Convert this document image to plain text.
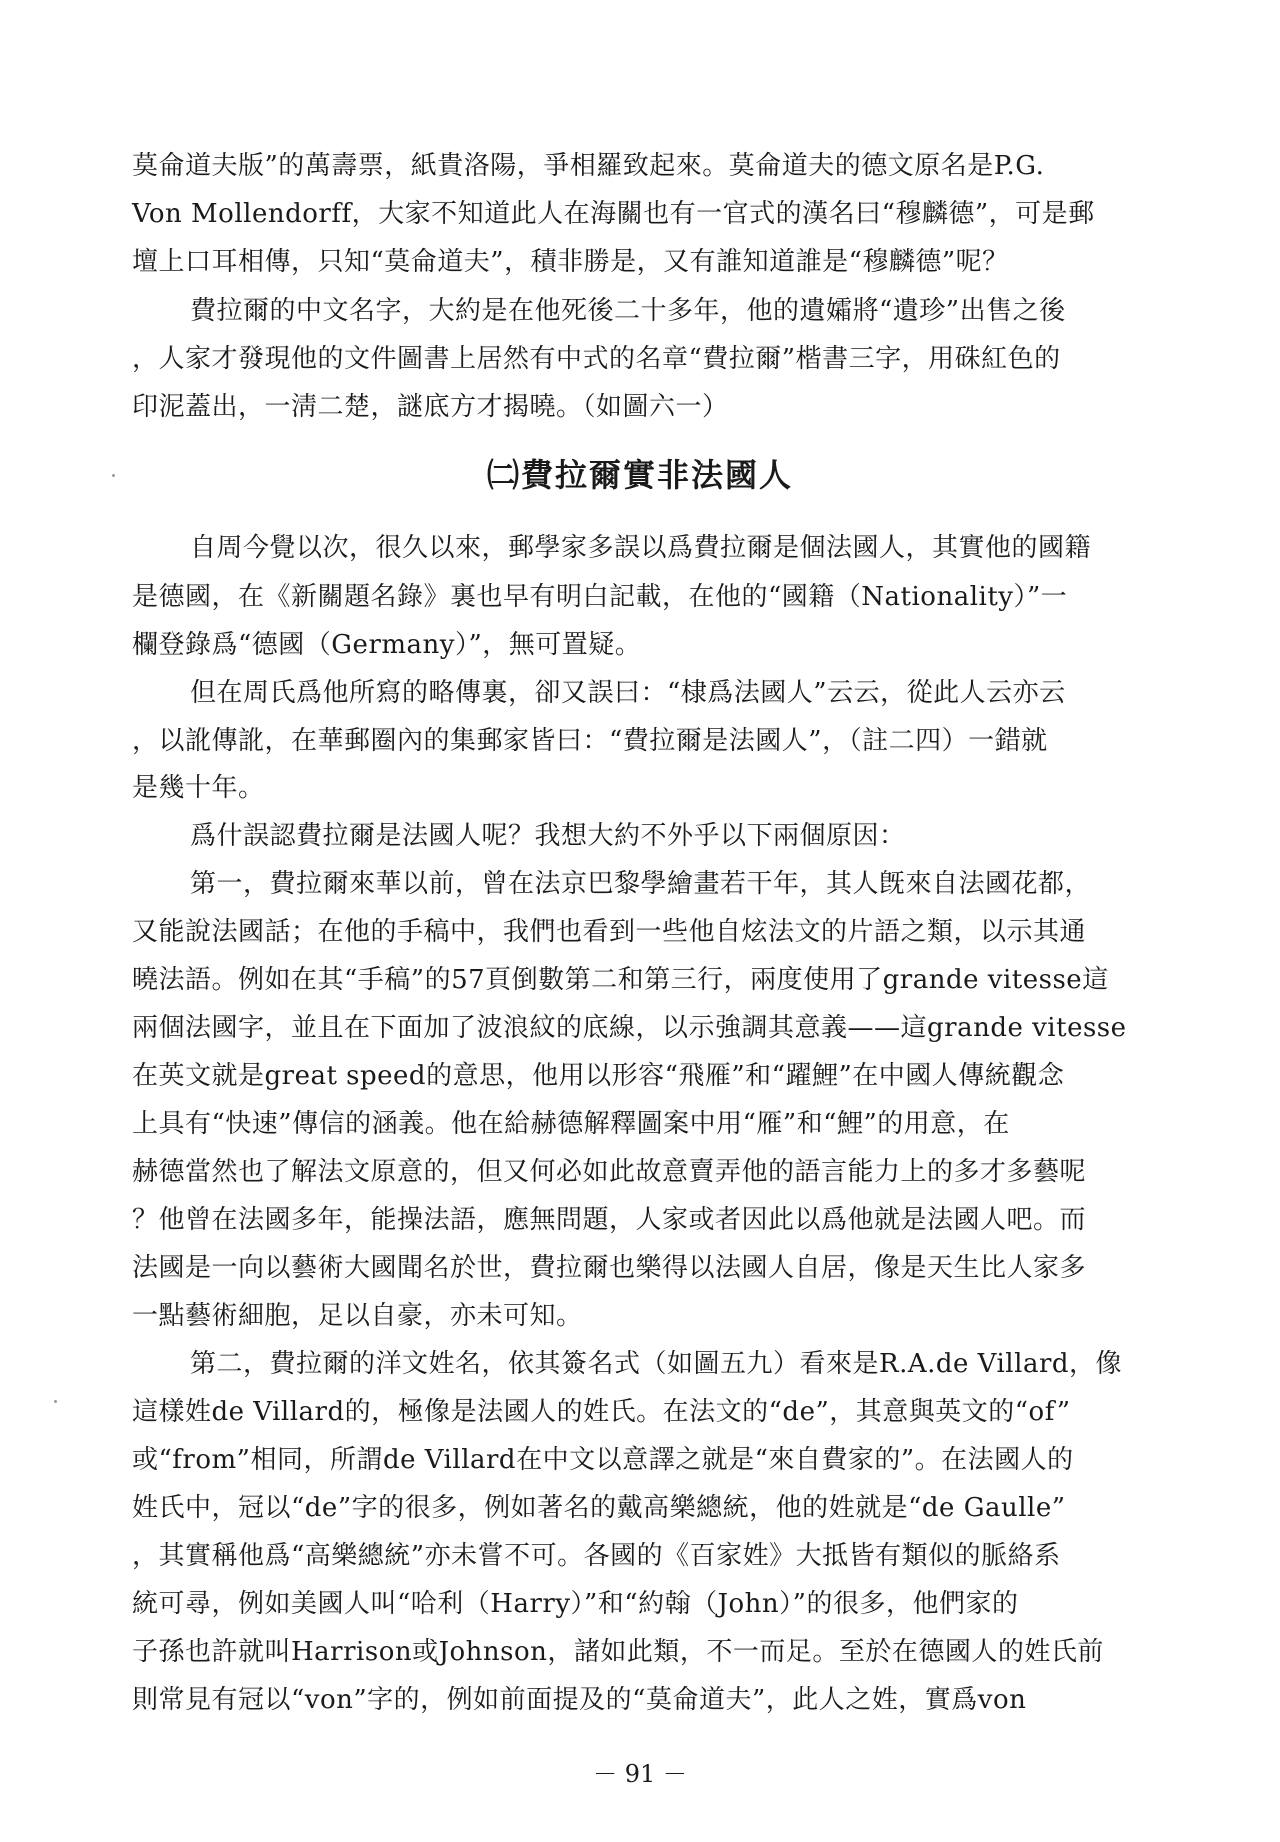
莫侖道夫版”的萬壽票，紙貴洛陽，爭相羅致起來。莫侖道夫的德文原名是P.G.
Von Mollendorff，大家不知道此人在海關也有一官式的漢名曰“穆麟德”，可是郵
壇上口耳相傳，只知“莫侖道夫”，積非勝是，又有誰知道誰是“穆麟德”呢？
費拉爾的中文名字，大約是在他死後二十多年，他的遺孀將“遺珍”出售之後
，人家才發現他的文件圖書上居然有中式的名章“費拉爾”楷書三字，用硃紅色的
印泥蓋出，一淸二楚，謎底方才揭曉。（如圖六一）
㈡費拉爾實非法國人
自周今覺以次，很久以來，郵學家多誤以爲費拉爾是個法國人，其實他的國籍
是德國，在《新關題名錄》裏也早有明白記載，在他的“國籍（Nationality）”一
欄登錄爲“德國（Germany）”，無可置疑。
但在周氏爲他所寫的略傳裏，卻又誤曰：“棣爲法國人”云云，從此人云亦云
，以訛傳訛，在華郵圈內的集郵家皆曰：“費拉爾是法國人”，（註二四）一錯就
是幾十年。
爲什誤認費拉爾是法國人呢？我想大約不外乎以下兩個原因：
第一，費拉爾來華以前，曾在法京巴黎學繪畫若干年，其人旣來自法國花都，
又能說法國話；在他的手稿中，我們也看到一些他自炫法文的片語之類，以示其通
曉法語。例如在其“手稿”的57頁倒數第二和第三行，兩度使用了grande vitesse這
兩個法國字，並且在下面加了波浪紋的底線，以示強調其意義——這grande vitesse
在英文就是great speed的意思，他用以形容“飛雁”和“躍鯉”在中國人傳統觀念
上具有“快速”傳信的涵義。他在給赫德解釋圖案中用“雁”和“鯉”的用意，在
赫德當然也了解法文原意的，但又何必如此故意賣弄他的語言能力上的多才多藝呢
？他曾在法國多年，能操法語，應無問題，人家或者因此以爲他就是法國人吧。而
法國是一向以藝術大國聞名於世，費拉爾也樂得以法國人自居，像是天生比人家多
一點藝術細胞，足以自豪，亦未可知。
第二，費拉爾的洋文姓名，依其簽名式（如圖五九）看來是R.A.de Villard，像
這樣姓de Villard的，極像是法國人的姓氏。在法文的“de”，其意與英文的“of”
或“from”相同，所謂de Villard在中文以意譯之就是“來自費家的”。在法國人的
姓氏中，冠以“de”字的很多，例如著名的戴高樂總統，他的姓就是“de Gaulle”
，其實稱他爲“高樂總統”亦未嘗不可。各國的《百家姓》大抵皆有類似的脈絡系
統可尋，例如美國人叫“哈利（Harry）”和“約翰（John）”的很多，他們家的
子孫也許就叫Harrison或Johnson，諸如此類，不一而足。至於在德國人的姓氏前
則常見有冠以“von”字的，例如前面提及的“莫侖道夫”，此人之姓，實爲von
－ 91 －
